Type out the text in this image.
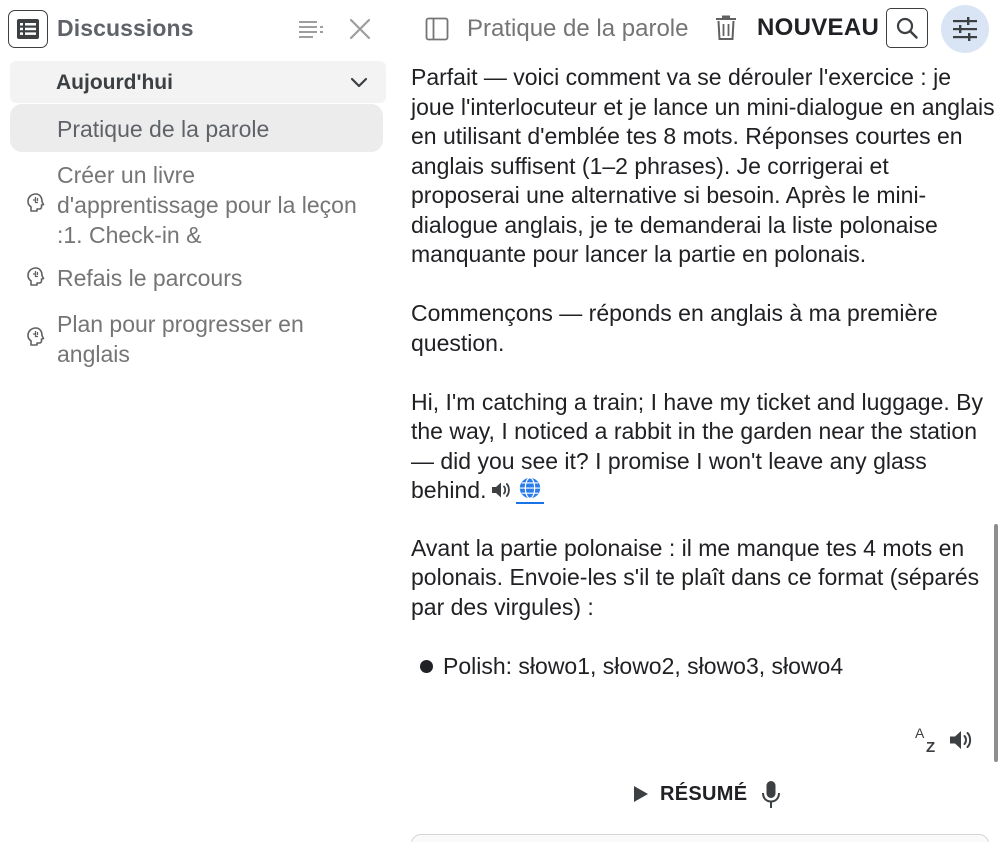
Discussions
Aujourd'hui
Pratique de la parole
Créer un livre d'apprentissage pour la leçon :1. Check-in &
Refais le parcours
Plan pour progresser en anglais
Pratique de la parole	NOUVEAU

Parfait — voici comment va se dérouler l'exercice : je joue l'interlocuteur et je lance un mini-dialogue en anglais en utilisant d'emblée tes 8 mots. Réponses courtes en anglais suffisent (1–2 phrases). Je corrigerai et proposerai une alternative si besoin. Après le mini-dialogue anglais, je te demanderai la liste polonaise manquante pour lancer la partie en polonais.

Commençons — réponds en anglais à ma première question.

Hi, I'm catching a train; I have my ticket and luggage. By the way, I noticed a rabbit in the garden near the station — did you see it? I promise I won't leave any glass behind.

Avant la partie polonaise : il me manque tes 4 mots en polonais. Envoie-les s'il te plaît dans ce format (séparés par des virgules) :

Polish: słowo1, słowo2, słowo3, słowo4
A
Z
RÉSUMÉ
